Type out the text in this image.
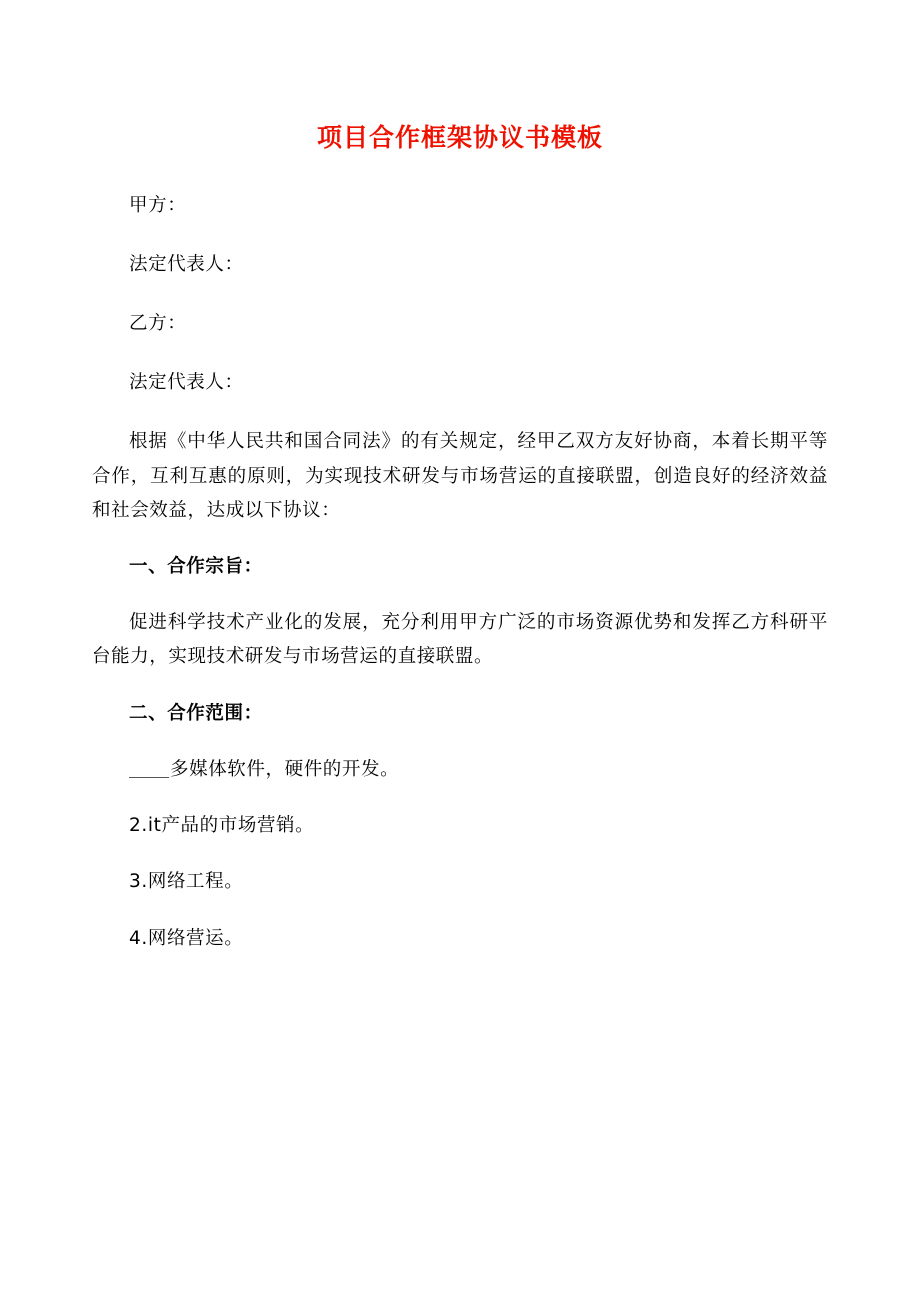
项目合作框架协议书模板

甲方：

法定代表人：

乙方：

法定代表人：

根据《中华人民共和国合同法》的有关规定，经甲乙双方友好协商，本着长期平等合作，互利互惠的原则，为实现技术研发与市场营运的直接联盟，创造良好的经济效益和社会效益，达成以下协议：

一、合作宗旨：

促进科学技术产业化的发展，充分利用甲方广泛的市场资源优势和发挥乙方科研平台能力，实现技术研发与市场营运的直接联盟。

二、合作范围：

多媒体软件，硬件的开发。

2.it产品的市场营销。

3.网络工程。

4.网络营运。
